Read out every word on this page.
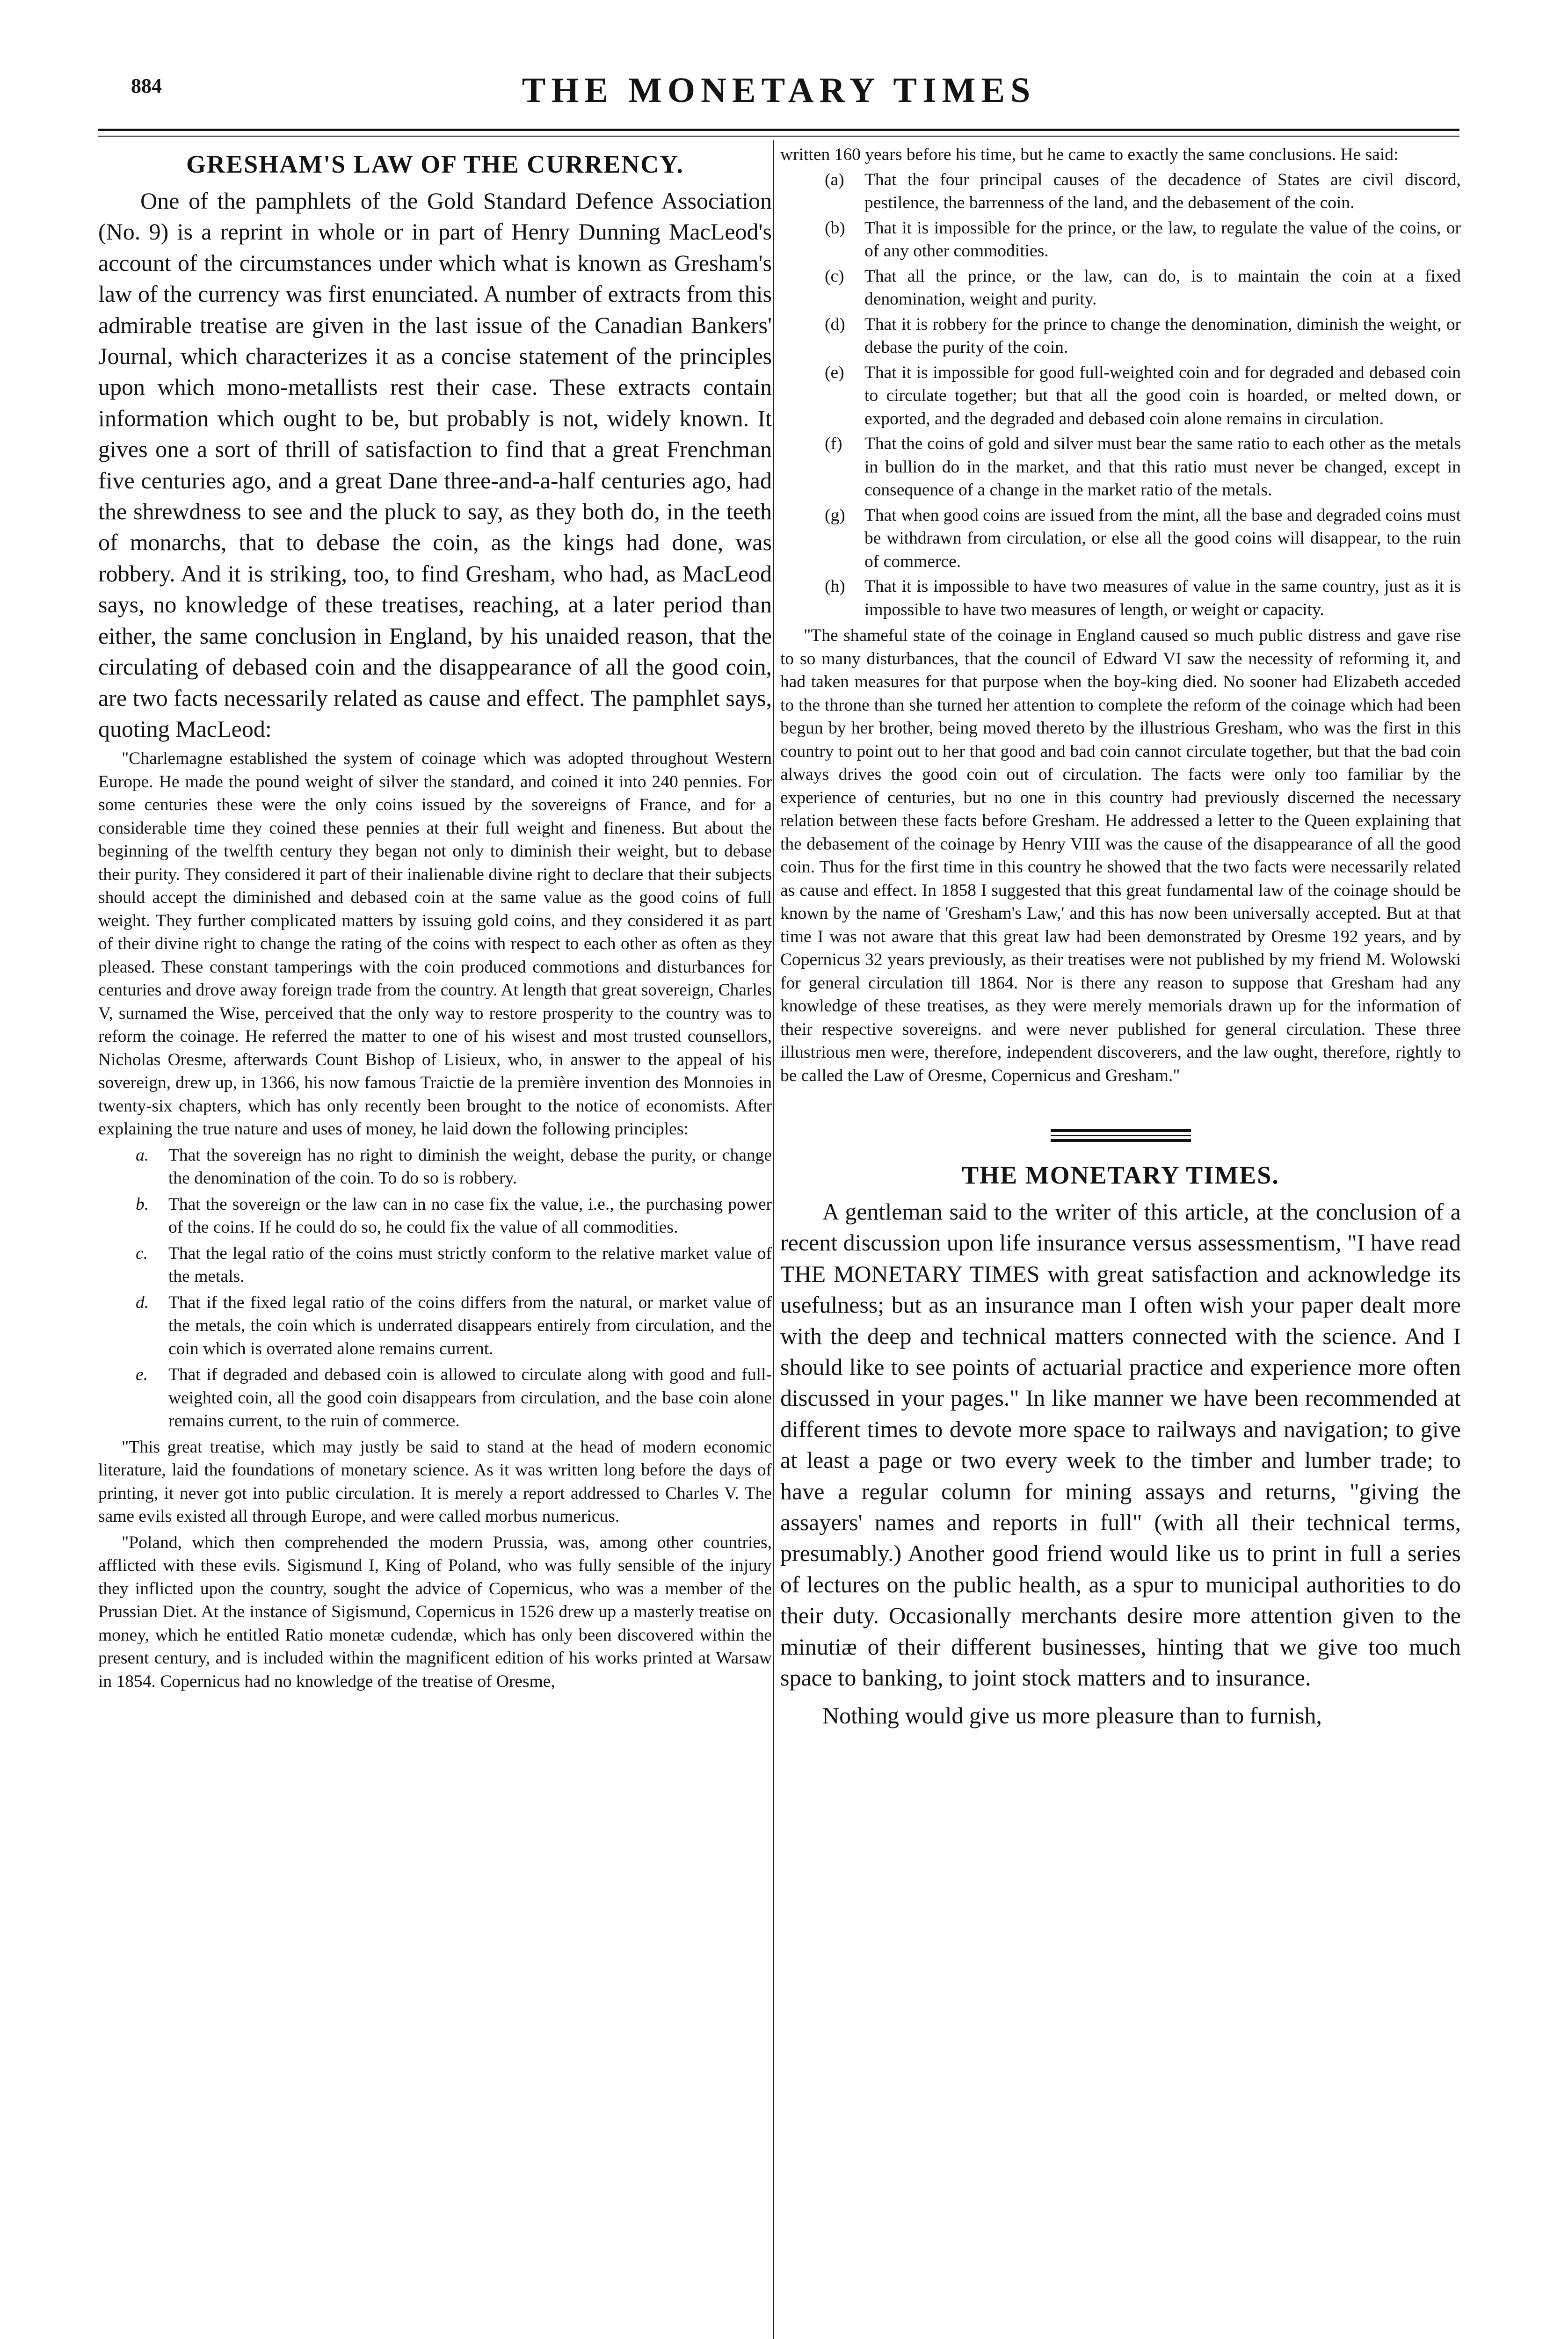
884	THE MONETARY TIMES
GRESHAM'S LAW OF THE CURRENCY.

One of the pamphlets of the Gold Standard Defence Association (No. 9) is a reprint in whole or in part of Henry Dunning MacLeod's account of the circumstances under which what is known as Gresham's law of the currency was first enunciated. A number of extracts from this admirable treatise are given in the last issue of the Canadian Bankers' Journal, which characterizes it as a concise statement of the principles upon which mono-metallists rest their case. These extracts contain information which ought to be, but probably is not, widely known. It gives one a sort of thrill of satisfaction to find that a great Frenchman five centuries ago, and a great Dane three-and-a-half centuries ago, had the shrewdness to see and the pluck to say, as they both do, in the teeth of monarchs, that to debase the coin, as the kings had done, was robbery. And it is striking, too, to find Gresham, who had, as MacLeod says, no knowledge of these treatises, reaching, at a later period than either, the same conclusion in England, by his unaided reason, that the circulating of debased coin and the disappearance of all the good coin, are two facts necessarily related as cause and effect. The pamphlet says, quoting MacLeod:

"Charlemagne established the system of coinage which was adopted throughout Western Europe. He made the pound weight of silver the standard, and coined it into 240 pennies. For some centuries these were the only coins issued by the sovereigns of France, and for a considerable time they coined these pennies at their full weight and fineness. But about the beginning of the twelfth century they began not only to diminish their weight, but to debase their purity. They considered it part of their inalienable divine right to declare that their subjects should accept the diminished and debased coin at the same value as the good coins of full weight. They further complicated matters by issuing gold coins, and they considered it as part of their divine right to change the rating of the coins with respect to each other as often as they pleased. These constant tamperings with the coin produced commotions and disturbances for centuries and drove away foreign trade from the country. At length that great sovereign, Charles V, surnamed the Wise, perceived that the only way to restore prosperity to the country was to reform the coinage. He referred the matter to one of his wisest and most trusted counsellors, Nicholas Oresme, afterwards Count Bishop of Lisieux, who, in answer to the appeal of his sovereign, drew up, in 1366, his now famous Traictie de la première invention des Monnoies in twenty-six chapters, which has only recently been brought to the notice of economists. After explaining the true nature and uses of money, he laid down the following principles:

a. That the sovereign has no right to diminish the weight, debase the purity, or change the denomination of the coin. To do so is robbery.
b. That the sovereign or the law can in no case fix the value, i.e., the purchasing power of the coins. If he could do so, he could fix the value of all commodities.
c. That the legal ratio of the coins must strictly conform to the relative market value of the metals.
d. That if the fixed legal ratio of the coins differs from the natural, or market value of the metals, the coin which is underrated disappears entirely from circulation, and the coin which is overrated alone remains current.
e. That if degraded and debased coin is allowed to circulate along with good and full-weighted coin, all the good coin disappears from circulation, and the base coin alone remains current, to the ruin of commerce.

"This great treatise, which may justly be said to stand at the head of modern economic literature, laid the foundations of monetary science. As it was written long before the days of printing, it never got into public circulation. It is merely a report addressed to Charles V. The same evils existed all through Europe, and were called morbus numericus.

"Poland, which then comprehended the modern Prussia, was, among other countries, afflicted with these evils. Sigismund I, King of Poland, who was fully sensible of the injury they inflicted upon the country, sought the advice of Copernicus, who was a member of the Prussian Diet. At the instance of Sigismund, Copernicus in 1526 drew up a masterly treatise on money, which he entitled Ratio monetæ cudendæ, which has only been discovered within the present century, and is included within the magnificent edition of his works printed at Warsaw in 1854. Copernicus had no knowledge of the treatise of Oresme,

written 160 years before his time, but he came to exactly the same conclusions. He said:

(a) That the four principal causes of the decadence of States are civil discord, pestilence, the barrenness of the land, and the debasement of the coin.
(b) That it is impossible for the prince, or the law, to regulate the value of the coins, or of any other commodities.
(c) That all the prince, or the law, can do, is to maintain the coin at a fixed denomination, weight and purity.
(d) That it is robbery for the prince to change the denomination, diminish the weight, or debase the purity of the coin.
(e) That it is impossible for good full-weighted coin and for degraded and debased coin to circulate together; but that all the good coin is hoarded, or melted down, or exported, and the degraded and debased coin alone remains in circulation.
(f) That the coins of gold and silver must bear the same ratio to each other as the metals in bullion do in the market, and that this ratio must never be changed, except in consequence of a change in the market ratio of the metals.
(g) That when good coins are issued from the mint, all the base and degraded coins must be withdrawn from circulation, or else all the good coins will disappear, to the ruin of commerce.
(h) That it is impossible to have two measures of value in the same country, just as it is impossible to have two measures of length, or weight or capacity.

"The shameful state of the coinage in England caused so much public distress and gave rise to so many disturbances, that the council of Edward VI saw the necessity of reforming it, and had taken measures for that purpose when the boy-king died. No sooner had Elizabeth acceded to the throne than she turned her attention to complete the reform of the coinage which had been begun by her brother, being moved thereto by the illustrious Gresham, who was the first in this country to point out to her that good and bad coin cannot circulate together, but that the bad coin always drives the good coin out of circulation. The facts were only too familiar by the experience of centuries, but no one in this country had previously discerned the necessary relation between these facts before Gresham. He addressed a letter to the Queen explaining that the debasement of the coinage by Henry VIII was the cause of the disappearance of all the good coin. Thus for the first time in this country he showed that the two facts were necessarily related as cause and effect. In 1858 I suggested that this great fundamental law of the coinage should be known by the name of 'Gresham's Law,' and this has now been universally accepted. But at that time I was not aware that this great law had been demonstrated by Oresme 192 years, and by Copernicus 32 years previously, as their treatises were not published by my friend M. Wolowski for general circulation till 1864. Nor is there any reason to suppose that Gresham had any knowledge of these treatises, as they were merely memorials drawn up for the information of their respective sovereigns. and were never published for general circulation. These three illustrious men were, therefore, independent discoverers, and the law ought, therefore, rightly to be called the Law of Oresme, Copernicus and Gresham."

THE MONETARY TIMES.

A gentleman said to the writer of this article, at the conclusion of a recent discussion upon life insurance versus assessmentism, "I have read THE MONETARY TIMES with great satisfaction and acknowledge its usefulness; but as an insurance man I often wish your paper dealt more with the deep and technical matters connected with the science. And I should like to see points of actuarial practice and experience more often discussed in your pages." In like manner we have been recommended at different times to devote more space to railways and navigation; to give at least a page or two every week to the timber and lumber trade; to have a regular column for mining assays and returns, "giving the assayers' names and reports in full" (with all their technical terms, presumably.) Another good friend would like us to print in full a series of lectures on the public health, as a spur to municipal authorities to do their duty. Occasionally merchants desire more attention given to the minutiæ of their different businesses, hinting that we give too much space to banking, to joint stock matters and to insurance.

Nothing would give us more pleasure than to furnish,
